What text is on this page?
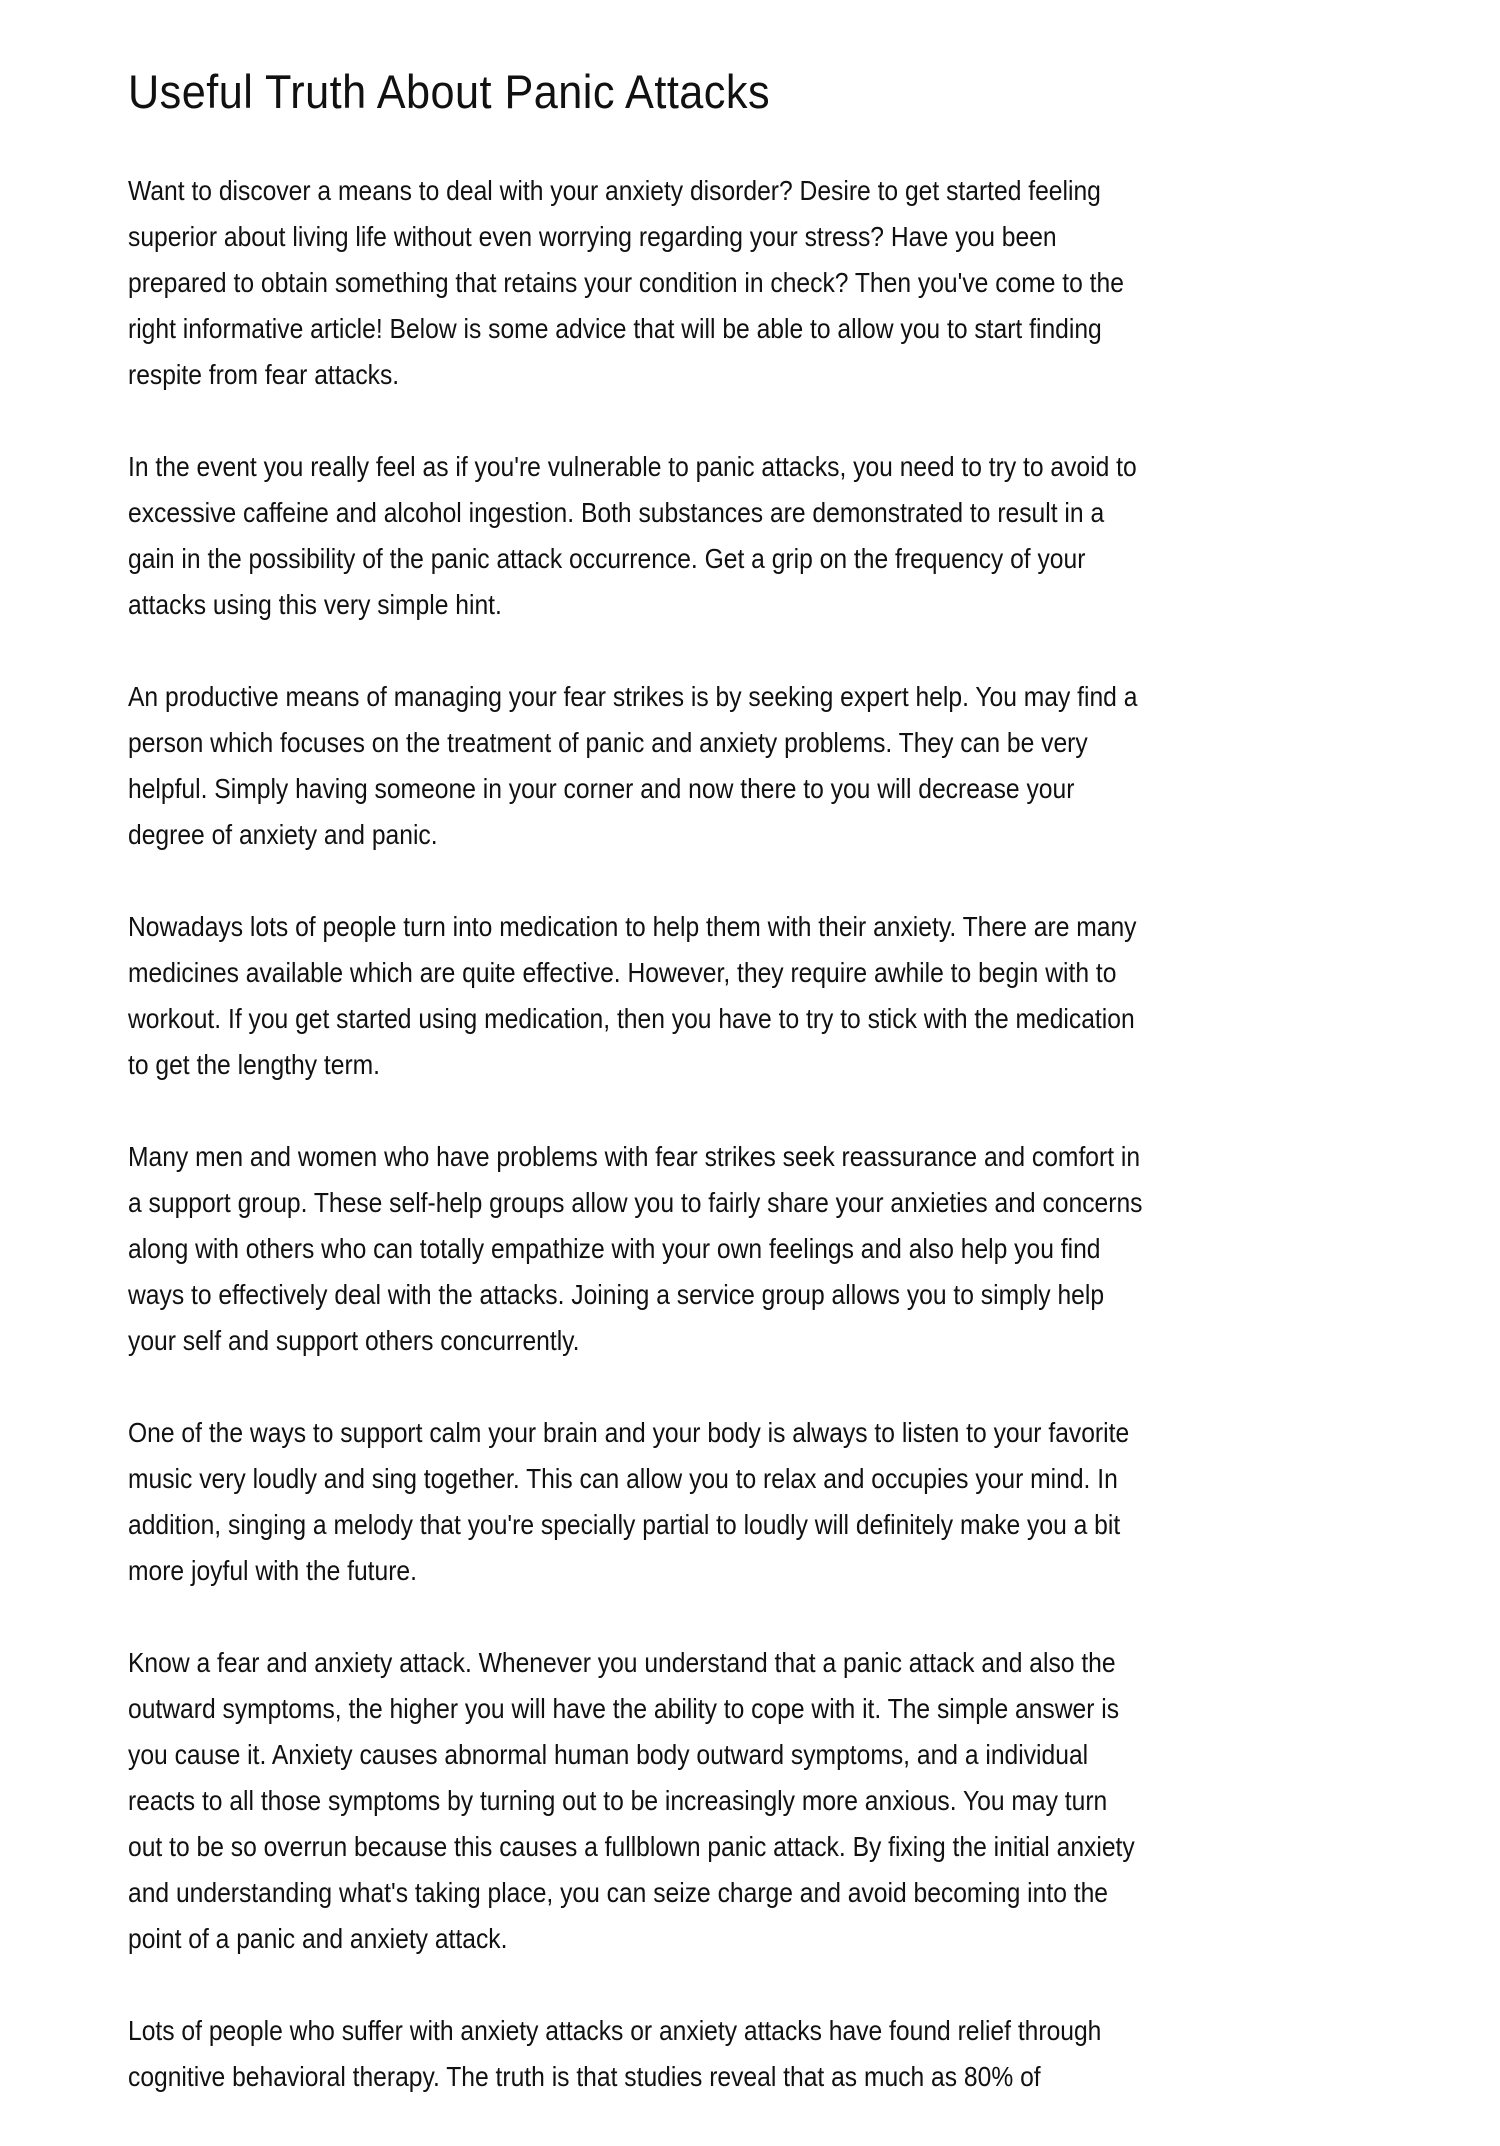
Useful Truth About Panic Attacks
Want to discover a means to deal with your anxiety disorder? Desire to get started feeling
superior about living life without even worrying regarding your stress? Have you been
prepared to obtain something that retains your condition in check? Then you've come to the
right informative article! Below is some advice that will be able to allow you to start finding
respite from fear attacks.
In the event you really feel as if you're vulnerable to panic attacks, you need to try to avoid to
excessive caffeine and alcohol ingestion. Both substances are demonstrated to result in a
gain in the possibility of the panic attack occurrence. Get a grip on the frequency of your
attacks using this very simple hint.
An productive means of managing your fear strikes is by seeking expert help. You may find a
person which focuses on the treatment of panic and anxiety problems. They can be very
helpful. Simply having someone in your corner and now there to you will decrease your
degree of anxiety and panic.
Nowadays lots of people turn into medication to help them with their anxiety. There are many
medicines available which are quite effective. However, they require awhile to begin with to
workout. If you get started using medication, then you have to try to stick with the medication
to get the lengthy term.
Many men and women who have problems with fear strikes seek reassurance and comfort in
a support group. These self-help groups allow you to fairly share your anxieties and concerns
along with others who can totally empathize with your own feelings and also help you find
ways to effectively deal with the attacks. Joining a service group allows you to simply help
your self and support others concurrently.
One of the ways to support calm your brain and your body is always to listen to your favorite
music very loudly and sing together. This can allow you to relax and occupies your mind. In
addition, singing a melody that you're specially partial to loudly will definitely make you a bit
more joyful with the future.
Know a fear and anxiety attack. Whenever you understand that a panic attack and also the
outward symptoms, the higher you will have the ability to cope with it. The simple answer is
you cause it. Anxiety causes abnormal human body outward symptoms, and a individual
reacts to all those symptoms by turning out to be increasingly more anxious. You may turn
out to be so overrun because this causes a fullblown panic attack. By fixing the initial anxiety
and understanding what's taking place, you can seize charge and avoid becoming into the
point of a panic and anxiety attack.
Lots of people who suffer with anxiety attacks or anxiety attacks have found relief through
cognitive behavioral therapy. The truth is that studies reveal that as much as 80% of
